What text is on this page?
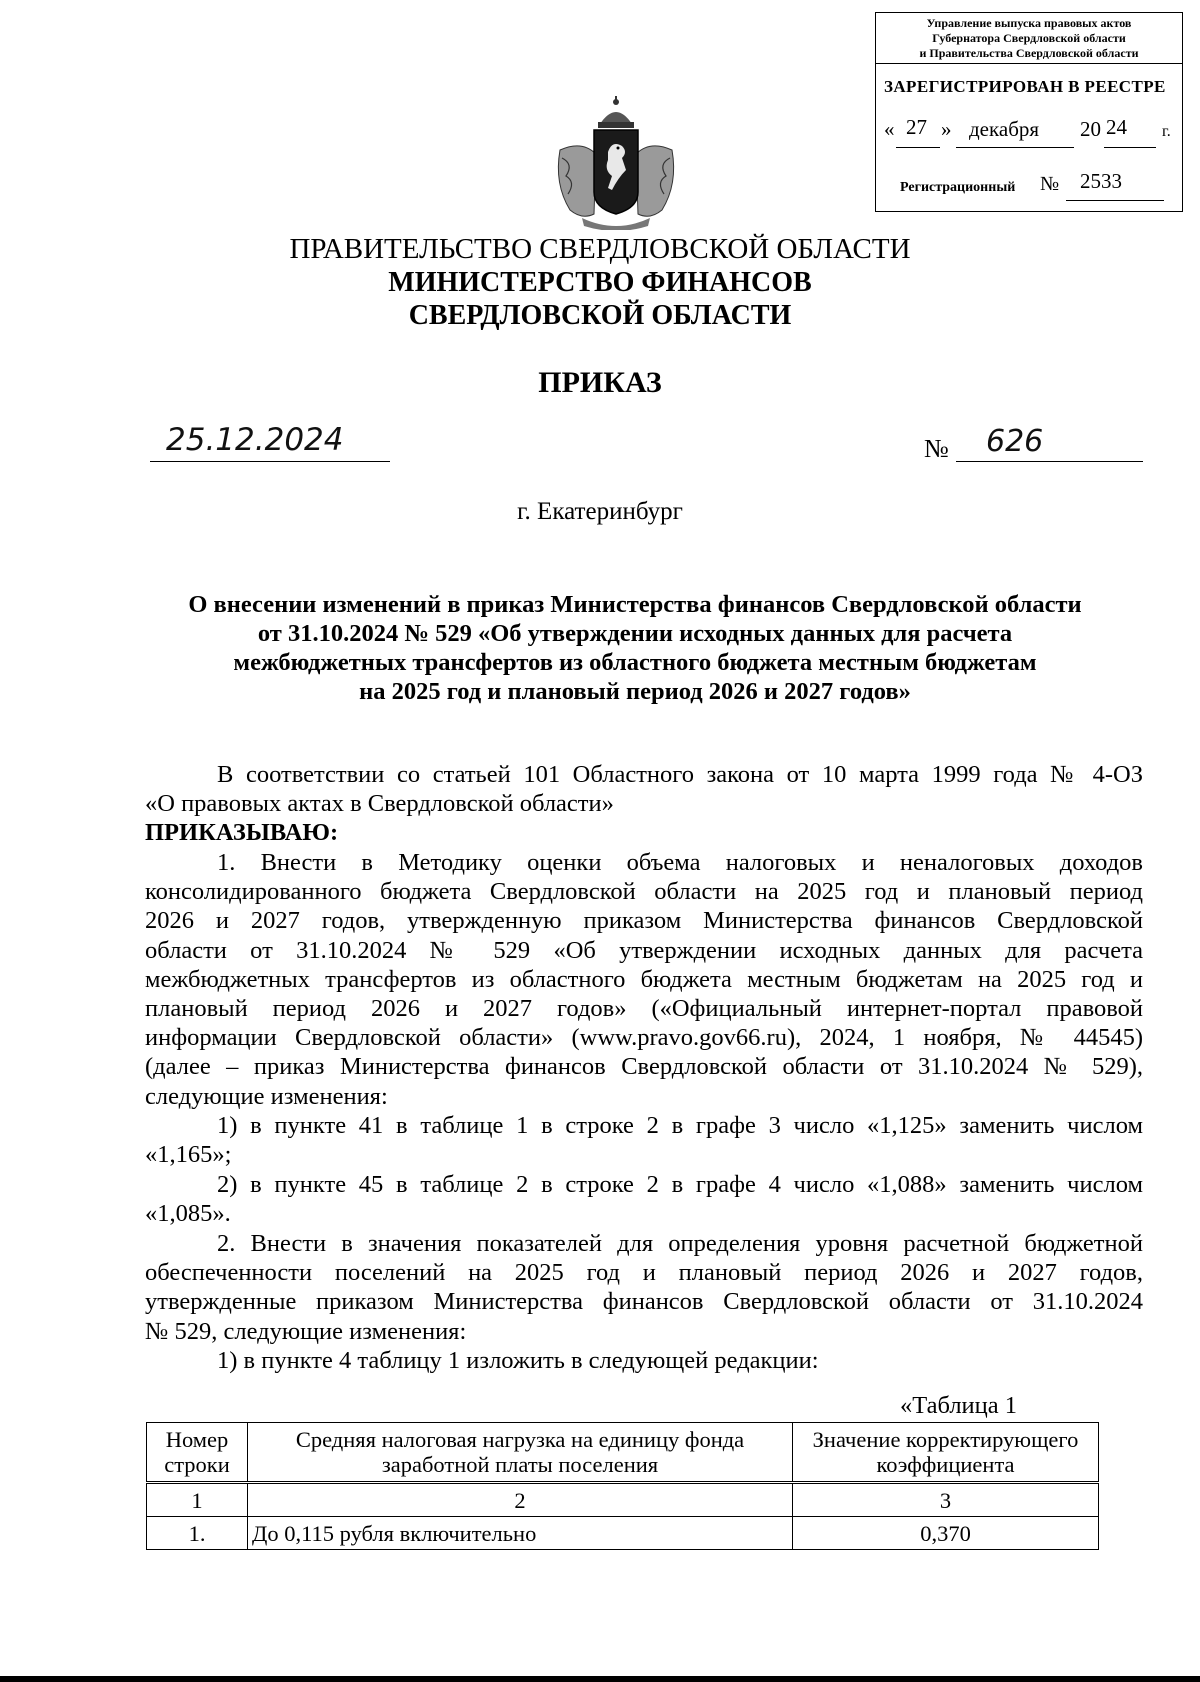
Управление выпуска правовых актов
Губернатора Свердловской области
и Правительства Свердловской области
ЗАРЕГИСТРИРОВАН В РЕЕСТРЕ
« 27 » декабря 20 24 г.
Регистрационный № 2533
ПРАВИТЕЛЬСТВО СВЕРДЛОВСКОЙ ОБЛАСТИ
МИНИСТЕРСТВО ФИНАНСОВ
СВЕРДЛОВСКОЙ ОБЛАСТИ
ПРИКАЗ
25.12.2024	№ 626
г. Екатеринбург
О внесении изменений в приказ Министерства финансов Свердловской области
от 31.10.2024 № 529 «Об утверждении исходных данных для расчета
межбюджетных трансфертов из областного бюджета местным бюджетам
на 2025 год и плановый период 2026 и 2027 годов»
В соответствии со статьей 101 Областного закона от 10 марта 1999 года № 4-ОЗ
«О правовых актах в Свердловской области»
ПРИКАЗЫВАЮ:
1. Внести в Методику оценки объема налоговых и неналоговых доходов
консолидированного бюджета Свердловской области на 2025 год и плановый период
2026 и 2027 годов, утвержденную приказом Министерства финансов Свердловской
области от 31.10.2024 № 529 «Об утверждении исходных данных для расчета
межбюджетных трансфертов из областного бюджета местным бюджетам на 2025 год и
плановый период 2026 и 2027 годов» («Официальный интернет-портал правовой
информации Свердловской области» (www.pravo.gov66.ru), 2024, 1 ноября, № 44545)
(далее – приказ Министерства финансов Свердловской области от 31.10.2024 № 529),
следующие изменения:
1) в пункте 41 в таблице 1 в строке 2 в графе 3 число «1,125» заменить числом
«1,165»;
2) в пункте 45 в таблице 2 в строке 2 в графе 4 число «1,088» заменить числом
«1,085».
2. Внести в значения показателей для определения уровня расчетной бюджетной
обеспеченности поселений на 2025 год и плановый период 2026 и 2027 годов,
утвержденные приказом Министерства финансов Свердловской области от 31.10.2024
№ 529, следующие изменения:
1) в пункте 4 таблицу 1 изложить в следующей редакции:
«Таблица 1
Номер строки	Средняя налоговая нагрузка на единицу фонда заработной платы поселения	Значение корректирующего коэффициента
1	2	3
1.	До 0,115 рубля включительно	0,370
